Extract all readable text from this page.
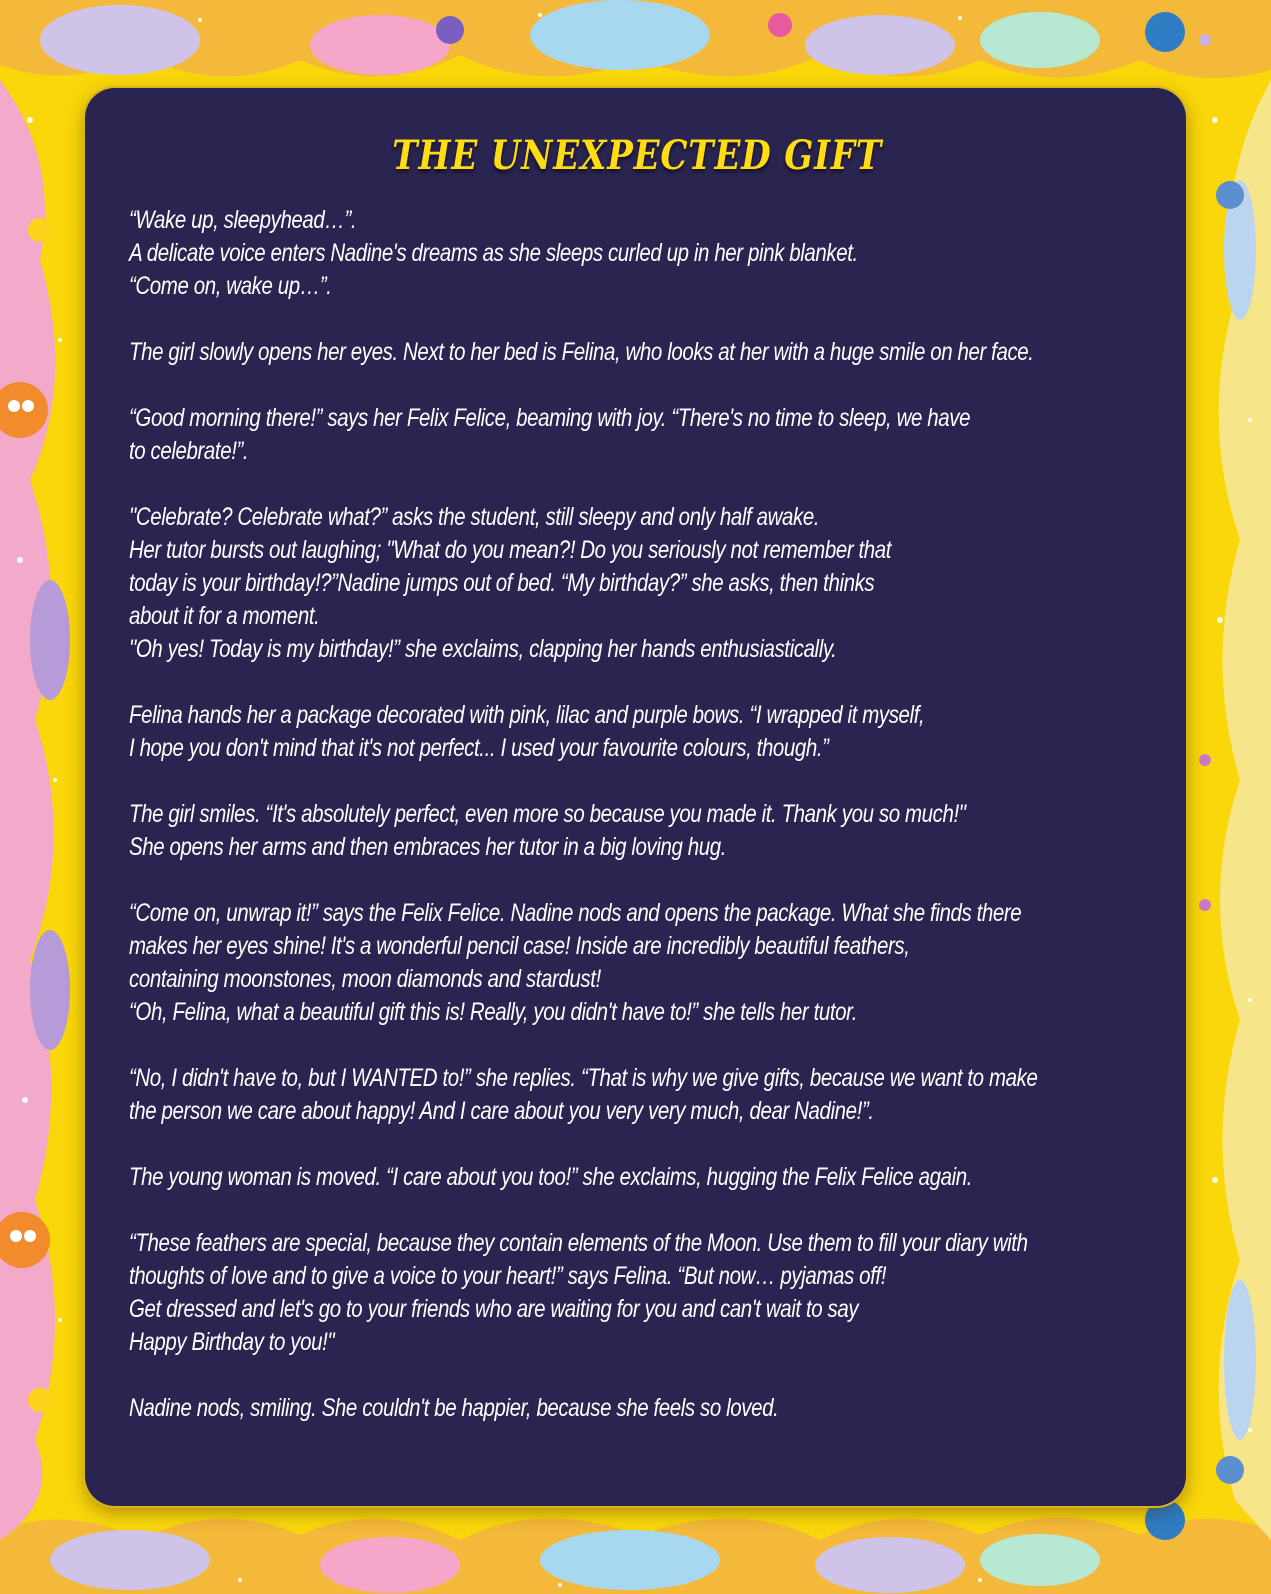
THE UNEXPECTED GIFT
“Wake up, sleepyhead…”.
A delicate voice enters Nadine's dreams as she sleeps curled up in her pink blanket.
“Come on, wake up…”.
The girl slowly opens her eyes. Next to her bed is Felina, who looks at her with a huge smile on her face.
“Good morning there!” says her Felix Felice, beaming with joy. “There's no time to sleep, we have
to celebrate!”.
"Celebrate? Celebrate what?” asks the student, still sleepy and only half awake.
Her tutor bursts out laughing; "What do you mean?! Do you seriously not remember that
today is your birthday!?”Nadine jumps out of bed. “My birthday?” she asks, then thinks
about it for a moment.
"Oh yes! Today is my birthday!” she exclaims, clapping her hands enthusiastically.
Felina hands her a package decorated with pink, lilac and purple bows. “I wrapped it myself,
I hope you don't mind that it's not perfect... I used your favourite colours, though.”
The girl smiles. “It's absolutely perfect, even more so because you made it. Thank you so much!"
She opens her arms and then embraces her tutor in a big loving hug.
“Come on, unwrap it!” says the Felix Felice. Nadine nods and opens the package. What she finds there
makes her eyes shine! It's a wonderful pencil case! Inside are incredibly beautiful feathers,
containing moonstones, moon diamonds and stardust!
“Oh, Felina, what a beautiful gift this is! Really, you didn't have to!” she tells her tutor.
“No, I didn't have to, but I WANTED to!” she replies. “That is why we give gifts, because we want to make
the person we care about happy! And I care about you very very much, dear Nadine!”.
The young woman is moved. “I care about you too!” she exclaims, hugging the Felix Felice again.
“These feathers are special, because they contain elements of the Moon. Use them to fill your diary with
thoughts of love and to give a voice to your heart!” says Felina. “But now… pyjamas off!
Get dressed and let's go to your friends who are waiting for you and can't wait to say
Happy Birthday to you!"
Nadine nods, smiling. She couldn't be happier, because she feels so loved.
